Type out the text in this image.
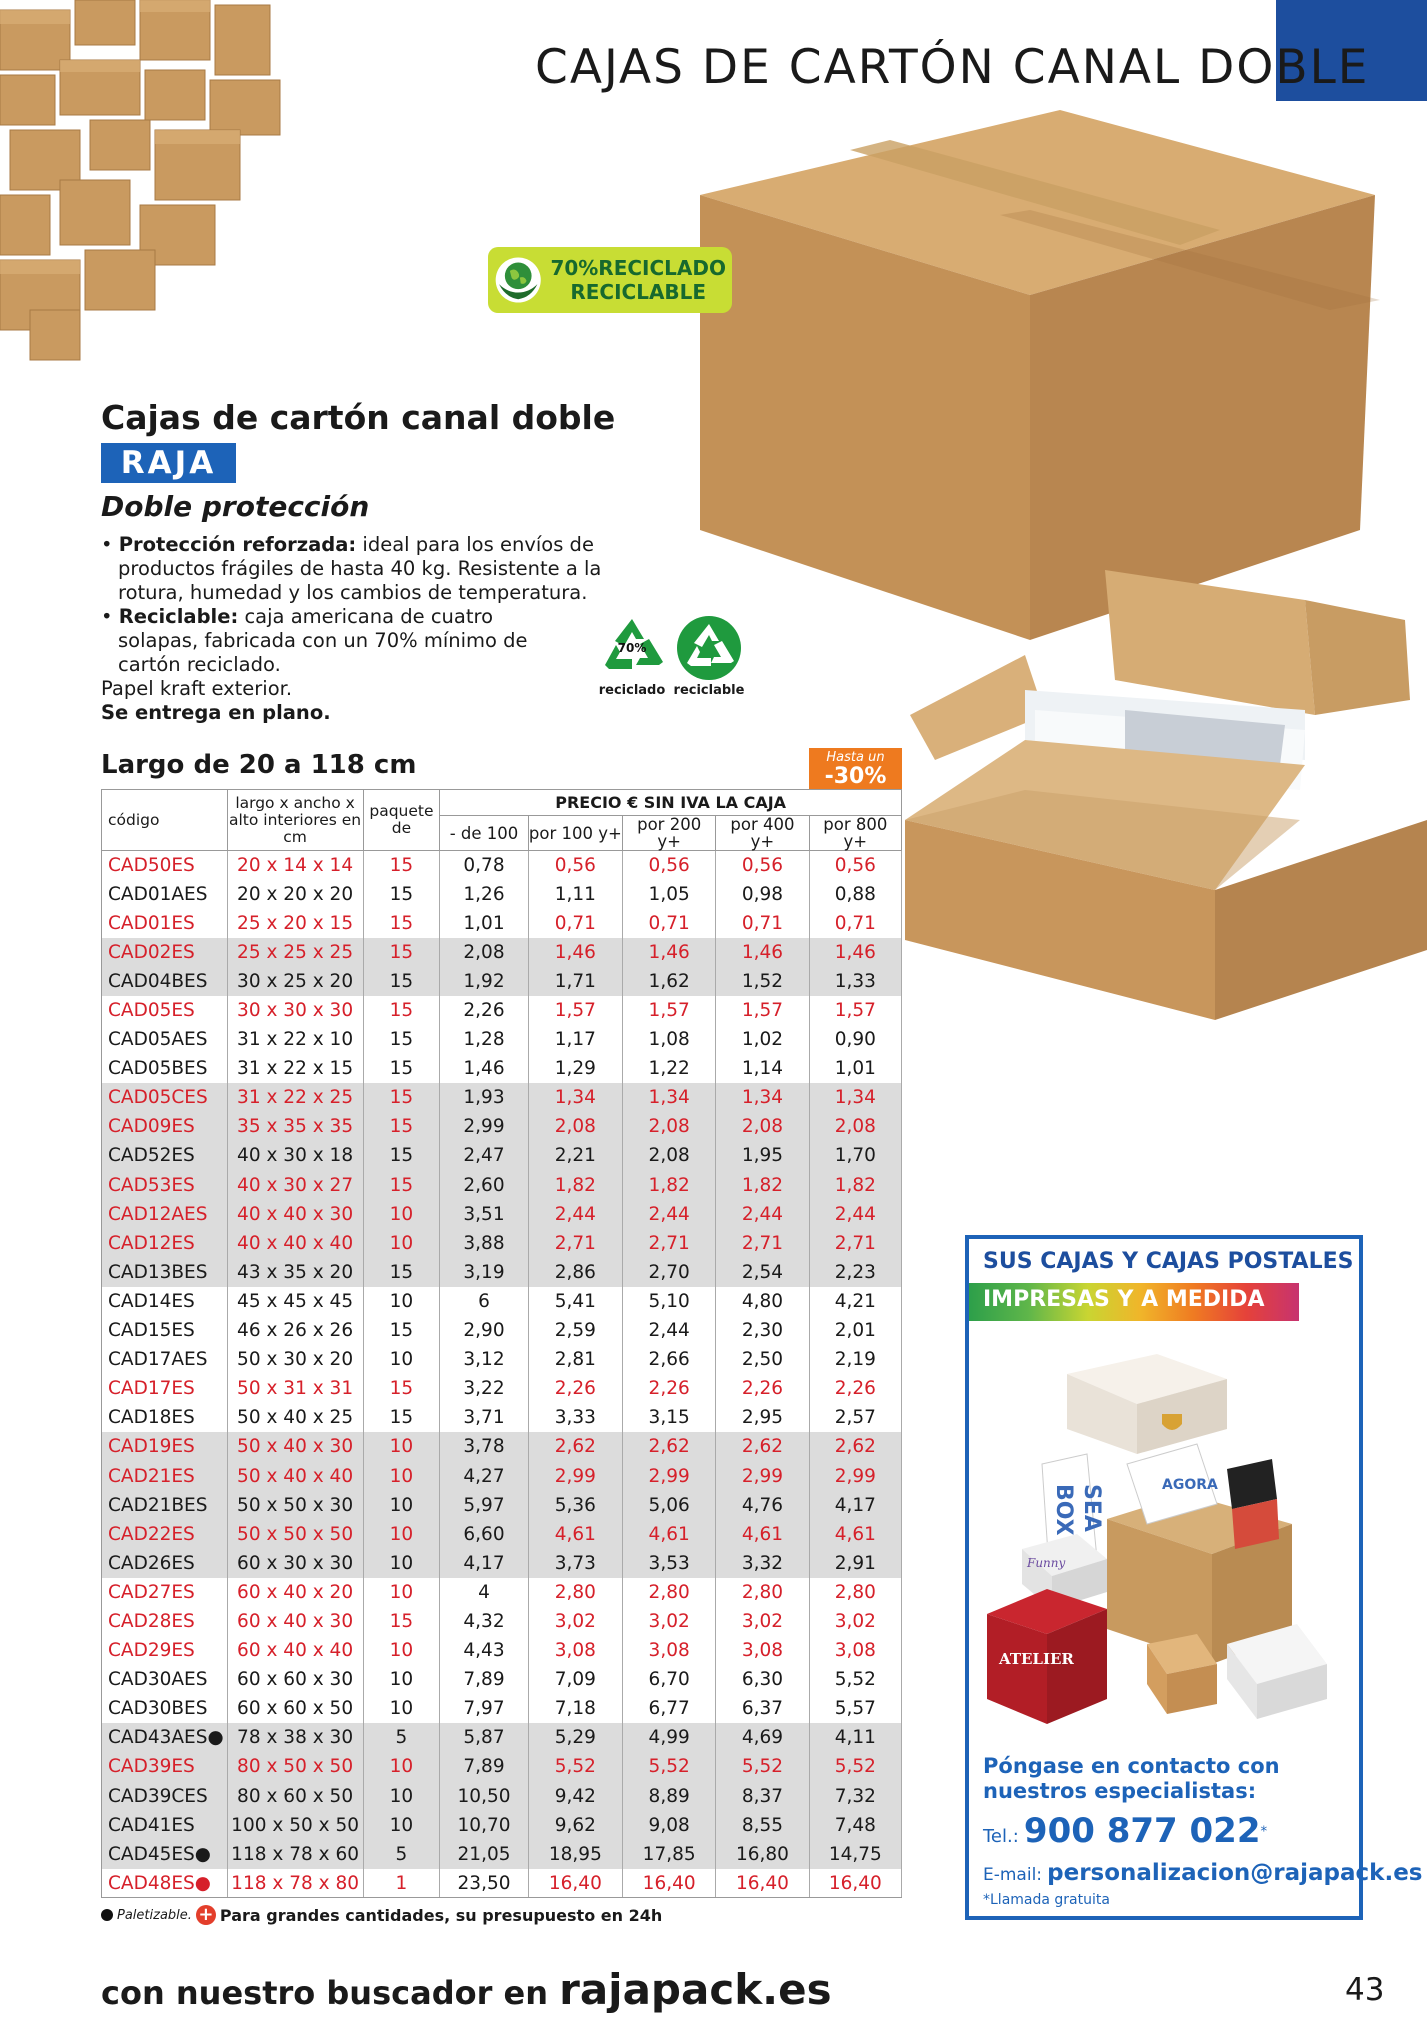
CAJAS DE CARTÓN CANAL DOBLE
70%RECICLADO
RECICLABLE
Cajas de cartón canal doble
RAJA
Doble protección

• Protección reforzada: ideal para los envíos de productos frágiles de hasta 40 kg. Resistente a la rotura, humedad y los cambios de temperatura.

• Reciclable: caja americana de cuatro solapas, fabricada con un 70% mínimo de cartón reciclado.

Papel kraft exterior.

Se entrega en plano.

70%
reciclado reciclable
Largo de 20 a 118 cm	Hasta un
-30%
código	largo x ancho x alto interiores en cm	paquete de	PRECIO € SIN IVA LA CAJA				
			- de 100	por 100 y+	por 200 y+	por 400 y+	por 800 y+
CAD50ES	20 x 14 x 14	15	0,78	0,56	0,56	0,56	0,56
CAD01AES	20 x 20 x 20	15	1,26	1,11	1,05	0,98	0,88
CAD01ES	25 x 20 x 15	15	1,01	0,71	0,71	0,71	0,71
CAD02ES	25 x 25 x 25	15	2,08	1,46	1,46	1,46	1,46
CAD04BES	30 x 25 x 20	15	1,92	1,71	1,62	1,52	1,33
CAD05ES	30 x 30 x 30	15	2,26	1,57	1,57	1,57	1,57
CAD05AES	31 x 22 x 10	15	1,28	1,17	1,08	1,02	0,90
CAD05BES	31 x 22 x 15	15	1,46	1,29	1,22	1,14	1,01
CAD05CES	31 x 22 x 25	15	1,93	1,34	1,34	1,34	1,34
CAD09ES	35 x 35 x 35	15	2,99	2,08	2,08	2,08	2,08
CAD52ES	40 x 30 x 18	15	2,47	2,21	2,08	1,95	1,70
CAD53ES	40 x 30 x 27	15	2,60	1,82	1,82	1,82	1,82
CAD12AES	40 x 40 x 30	10	3,51	2,44	2,44	2,44	2,44
CAD12ES	40 x 40 x 40	10	3,88	2,71	2,71	2,71	2,71
CAD13BES	43 x 35 x 20	15	3,19	2,86	2,70	2,54	2,23
CAD14ES	45 x 45 x 45	10	6	5,41	5,10	4,80	4,21
CAD15ES	46 x 26 x 26	15	2,90	2,59	2,44	2,30	2,01
CAD17AES	50 x 30 x 20	10	3,12	2,81	2,66	2,50	2,19
CAD17ES	50 x 31 x 31	15	3,22	2,26	2,26	2,26	2,26
CAD18ES	50 x 40 x 25	15	3,71	3,33	3,15	2,95	2,57
CAD19ES	50 x 40 x 30	10	3,78	2,62	2,62	2,62	2,62
CAD21ES	50 x 40 x 40	10	4,27	2,99	2,99	2,99	2,99
CAD21BES	50 x 50 x 30	10	5,97	5,36	5,06	4,76	4,17
CAD22ES	50 x 50 x 50	10	6,60	4,61	4,61	4,61	4,61
CAD26ES	60 x 30 x 30	10	4,17	3,73	3,53	3,32	2,91
CAD27ES	60 x 40 x 20	10	4	2,80	2,80	2,80	2,80
CAD28ES	60 x 40 x 30	15	4,32	3,02	3,02	3,02	3,02
CAD29ES	60 x 40 x 40	10	4,43	3,08	3,08	3,08	3,08
CAD30AES	60 x 60 x 30	10	7,89	7,09	6,70	6,30	5,52
CAD30BES	60 x 60 x 50	10	7,97	7,18	6,77	6,37	5,57
CAD43AES●	78 x 38 x 30	5	5,87	5,29	4,99	4,69	4,11
CAD39ES	80 x 50 x 50	10	7,89	5,52	5,52	5,52	5,52
CAD39CES	80 x 60 x 50	10	10,50	9,42	8,89	8,37	7,32
CAD41ES	100 x 50 x 50	10	10,70	9,62	9,08	8,55	7,48
CAD45ES●	118 x 78 x 60	5	21,05	18,95	17,85	16,80	14,75
CAD48ES●	118 x 78 x 80	1	23,50	16,40	16,40	16,40	16,40
Paletizable. + Para grandes cantidades, su presupuesto en 24h
SUS CAJAS Y CAJAS POSTALES
IMPRESAS Y A MEDIDA
AGORA
BOX SEA
Funny
ATELIER
Póngase en contacto con nuestros especialistas:
Tel.: 900 877 022*
E-mail: personalizacion@rajapack.es
*Llamada gratuita
con nuestro buscador en rajapack.es	43
